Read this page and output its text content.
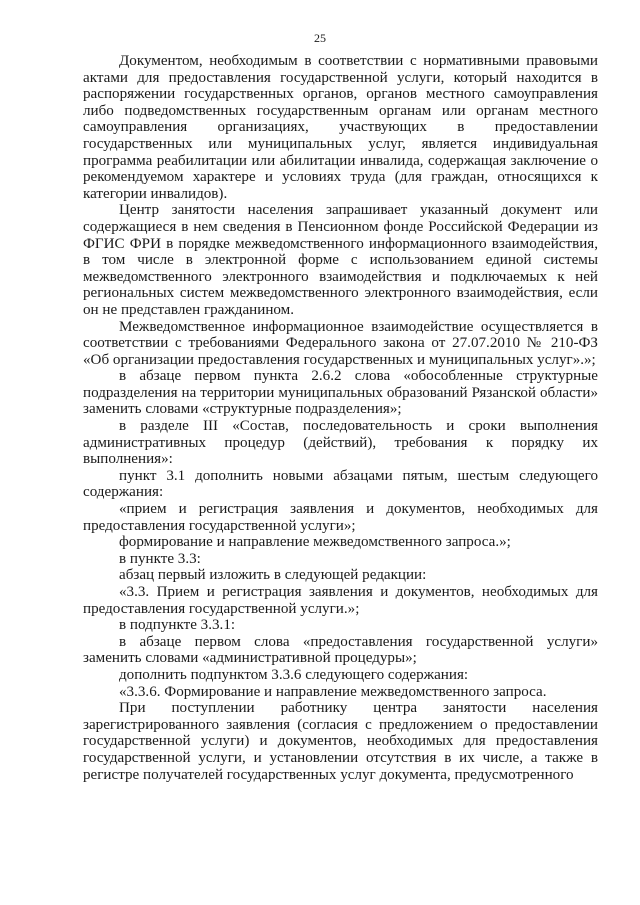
25

Документом, необходимым в соответствии с нормативными правовыми актами для предоставления государственной услуги, который находится в распоряжении государственных органов, органов местного самоуправления либо подведомственных государственным органам или органам местного самоуправления организациях, участвующих в предоставлении государственных или муниципальных услуг, является индивидуальная программа реабилитации или абилитации инвалида, содержащая заключение о рекомендуемом характере и условиях труда (для граждан, относящихся к категории инвалидов).

Центр занятости населения запрашивает указанный документ или содержащиеся в нем сведения в Пенсионном фонде Российской Федерации из ФГИС ФРИ в порядке межведомственного информационного взаимодействия, в том числе в электронной форме с использованием единой системы межведомственного электронного взаимодействия и подключаемых к ней региональных систем межведомственного электронного взаимодействия, если он не представлен гражданином.

Межведомственное информационное взаимодействие осуществляется в соответствии с требованиями Федерального закона от 27.07.2010 № 210-ФЗ «Об организации предоставления государственных и муниципальных услуг».»;

в абзаце первом пункта 2.6.2 слова «обособленные структурные подразделения на территории муниципальных образований Рязанской области» заменить словами «структурные подразделения»;

в разделе III «Состав, последовательность и сроки выполнения административных процедур (действий), требования к порядку их выполнения»:

пункт 3.1 дополнить новыми абзацами пятым, шестым следующего содержания:

«прием и регистрация заявления и документов, необходимых для предоставления государственной услуги»;

формирование и направление межведомственного запроса.»;

в пункте 3.3:

абзац первый изложить в следующей редакции:

«3.3. Прием и регистрация заявления и документов, необходимых для предоставления государственной услуги.»;

в подпункте 3.3.1:

в абзаце первом слова «предоставления государственной услуги» заменить словами «административной процедуры»;

дополнить подпунктом 3.3.6 следующего содержания:

«3.3.6. Формирование и направление межведомственного запроса.

При поступлении работнику центра занятости населения зарегистрированного заявления (согласия с предложением о предоставлении государственной услуги) и документов, необходимых для предоставления государственной услуги, и установлении отсутствия в их числе, а также в регистре получателей государственных услуг документа, предусмотренного
